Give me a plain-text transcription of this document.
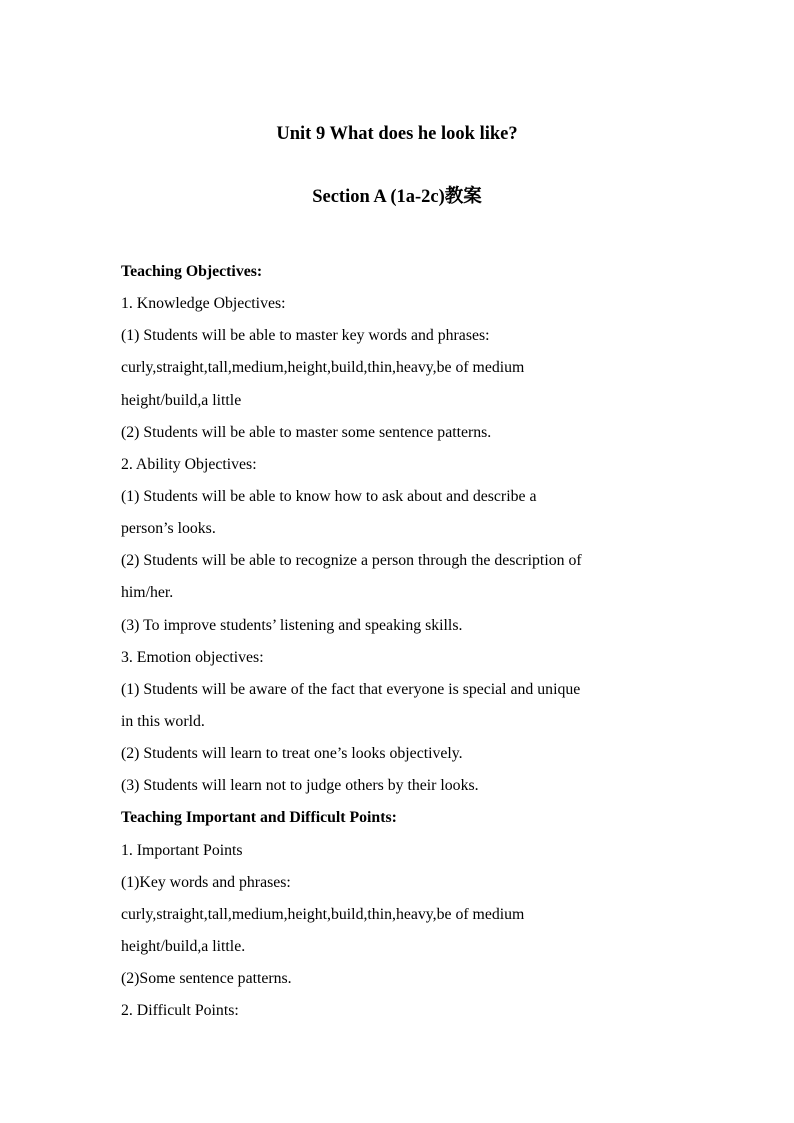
Unit 9 What does he look like?
Section A (1a-2c)教案
Teaching Objectives:
1. Knowledge Objectives:
(1) Students will be able to master key words and phrases:
curly,straight,tall,medium,height,build,thin,heavy,be of medium
height/build,a little
(2) Students will be able to master some sentence patterns.
2. Ability Objectives:
(1) Students will be able to know how to ask about and describe a
person’s looks.
(2) Students will be able to recognize a person through the description of
him/her.
(3) To improve students’ listening and speaking skills.
3. Emotion objectives:
(1) Students will be aware of the fact that everyone is special and unique
in this world.
(2) Students will learn to treat one’s looks objectively.
(3) Students will learn not to judge others by their looks.
Teaching Important and Difficult Points:
1. Important Points
(1)Key words and phrases:
curly,straight,tall,medium,height,build,thin,heavy,be of medium
height/build,a little.
(2)Some sentence patterns.
2. Difficult Points:
